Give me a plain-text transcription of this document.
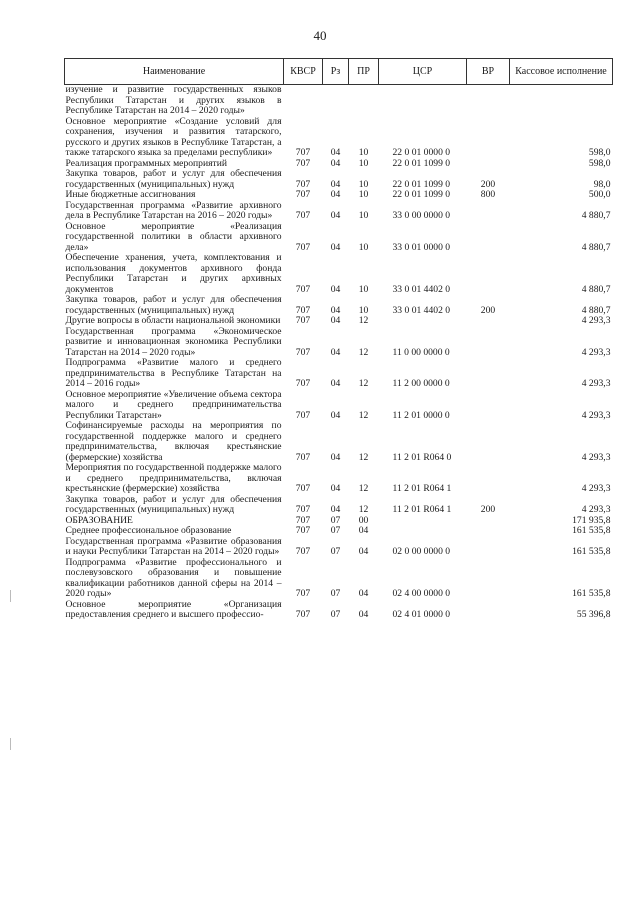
40
Наименование	КВСР	Рз	ПР	ЦСР	ВР	Кассовое исполнение
изучение и развитие государственных языков Республики Татарстан и других языков в Республике Татарстан на 2014 – 2020 годы»						
Основное мероприятие «Создание условий для сохранения, изучения и развития татарского, русского и других языков в Республике Татарстан, а также татарского языка за пределами республики»	707	04	10	22 0 01 0000 0		598,0
Реализация программных мероприятий	707	04	10	22 0 01 1099 0		598,0
Закупка товаров, работ и услуг для обеспечения государственных (муниципальных) нужд	707	04	10	22 0 01 1099 0	200	98,0
Иные бюджетные ассигнования	707	04	10	22 0 01 1099 0	800	500,0
Государственная программа «Развитие архивного дела в Республике Татарстан на 2016 – 2020 годы»	707	04	10	33 0 00 0000 0		4 880,7
Основное мероприятие «Реализация государственной политики в области архивного дела»	707	04	10	33 0 01 0000 0		4 880,7
Обеспечение хранения, учета, комплектования и использования документов архивного фонда Республики Татарстан и других архивных документов	707	04	10	33 0 01 4402 0		4 880,7
Закупка товаров, работ и услуг для обеспечения государственных (муниципальных) нужд	707	04	10	33 0 01 4402 0	200	4 880,7
Другие вопросы в области национальной экономики	707	04	12			4 293,3
Государственная программа «Экономическое развитие и инновационная экономика Республики Татарстан на 2014 – 2020 годы»	707	04	12	11 0 00 0000 0		4 293,3
Подпрограмма «Развитие малого и среднего предпринимательства в Республике Татарстан на 2014 – 2016 годы»	707	04	12	11 2 00 0000 0		4 293,3
Основное мероприятие «Увеличение объема сектора малого и среднего предпринимательства Республики Татарстан»	707	04	12	11 2 01 0000 0		4 293,3
Софинансируемые расходы на мероприятия по государственной поддержке малого и среднего предпринимательства, включая крестьянские (фермерские) хозяйства	707	04	12	11 2 01 R064 0		4 293,3
Мероприятия по государственной поддержке малого и среднего предпринимательства, включая крестьянские (фермерские) хозяйства	707	04	12	11 2 01 R064 1		4 293,3
Закупка товаров, работ и услуг для обеспечения государственных (муниципальных) нужд	707	04	12	11 2 01 R064 1	200	4 293,3
ОБРАЗОВАНИЕ	707	07	00			171 935,8
Среднее профессиональное образование	707	07	04			161 535,8
Государственная программа «Развитие образования и науки Республики Татарстан на 2014 – 2020 годы»	707	07	04	02 0 00 0000 0		161 535,8
Подпрограмма «Развитие профессионального и послевузовского образования и повышение квалификации работников данной сферы на 2014 – 2020 годы»	707	07	04	02 4 00 0000 0		161 535,8
Основное мероприятие «Организация предоставления среднего и высшего профессио-	707	07	04	02 4 01 0000 0		55 396,8
